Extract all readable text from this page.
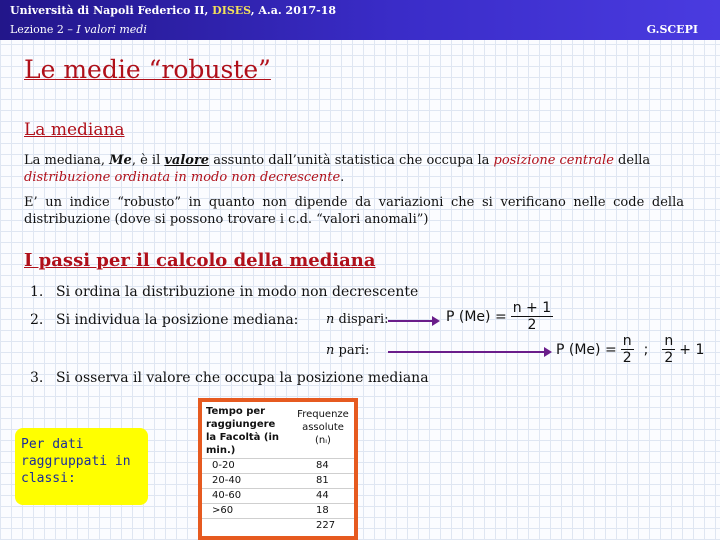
Università di Napoli Federico II, DISES, A.a. 2017-18
Lezione 2 – I valori medi	G.SCEPI
Le medie “robuste”
La mediana
La mediana, Me, è il valore assunto dall’unità statistica che occupa la posizione centrale della distribuzione ordinata in modo non decrescente.
E’ un indice “robusto” in quanto non dipende da variazioni che si verificano nelle code della distribuzione (dove si possono trovare i c.d. “valori anomali”)
I passi per il calcolo della mediana
1. Si ordina la distribuzione in modo non decrescente
2. Si individua la posizione mediana:
3. Si osserva il valore che occupa la posizione mediana
n dispari:
n pari:
P $(Me) = \frac{n + 1}{2}$
P $(Me) = \frac{n}{2}$ ; $\frac{n}{2} + 1$
Per dati raggruppati in classi:
Tempo per raggiungere la Facoltà (in min.)
Frequenze
assolute
(nᵢ)
0-20	84
20-40	81
40-60	44
>60	18
227
